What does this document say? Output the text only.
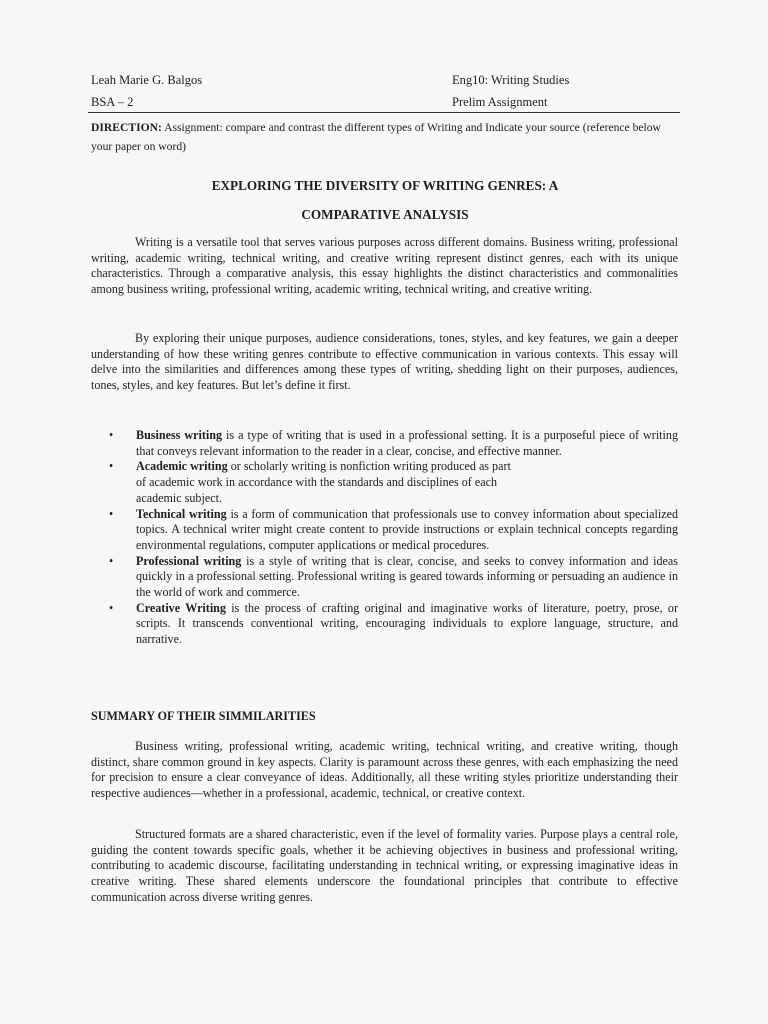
Leah Marie G. Balgos	Eng10: Writing Studies
BSA – 2	Prelim Assignment
DIRECTION: Assignment: compare and contrast the different types of Writing and Indicate your source (reference below your paper on word)
EXPLORING THE DIVERSITY OF WRITING GENRES: A
COMPARATIVE ANALYSIS

Writing is a versatile tool that serves various purposes across different domains. Business writing, professional writing, academic writing, technical writing, and creative writing represent distinct genres, each with its unique characteristics. Through a comparative analysis, this essay highlights the distinct characteristics and commonalities among business writing, professional writing, academic writing, technical writing, and creative writing.

By exploring their unique purposes, audience considerations, tones, styles, and key features, we gain a deeper understanding of how these writing genres contribute to effective communication in various contexts. This essay will delve into the similarities and differences among these types of writing, shedding light on their purposes, audiences, tones, styles, and key features. But let’s define it first.

• Business writing is a type of writing that is used in a professional setting. It is a purposeful piece of writing that conveys relevant information to the reader in a clear, concise, and effective manner.
• Academic writing or scholarly writing is nonfiction writing produced as part of academic work in accordance with the standards and disciplines of each academic subject.
• Technical writing is a form of communication that professionals use to convey information about specialized topics. A technical writer might create content to provide instructions or explain technical concepts regarding environmental regulations, computer applications or medical procedures.
• Professional writing is a style of writing that is clear, concise, and seeks to convey information and ideas quickly in a professional setting. Professional writing is geared towards informing or persuading an audience in the world of work and commerce.
• Creative Writing is the process of crafting original and imaginative works of literature, poetry, prose, or scripts. It transcends conventional writing, encouraging individuals to explore language, structure, and narrative.
SUMMARY OF THEIR SIMMILARITIES

Business writing, professional writing, academic writing, technical writing, and creative writing, though distinct, share common ground in key aspects. Clarity is paramount across these genres, with each emphasizing the need for precision to ensure a clear conveyance of ideas. Additionally, all these writing styles prioritize understanding their respective audiences—whether in a professional, academic, technical, or creative context.

Structured formats are a shared characteristic, even if the level of formality varies. Purpose plays a central role, guiding the content towards specific goals, whether it be achieving objectives in business and professional writing, contributing to academic discourse, facilitating understanding in technical writing, or expressing imaginative ideas in creative writing. These shared elements underscore the foundational principles that contribute to effective communication across diverse writing genres.
